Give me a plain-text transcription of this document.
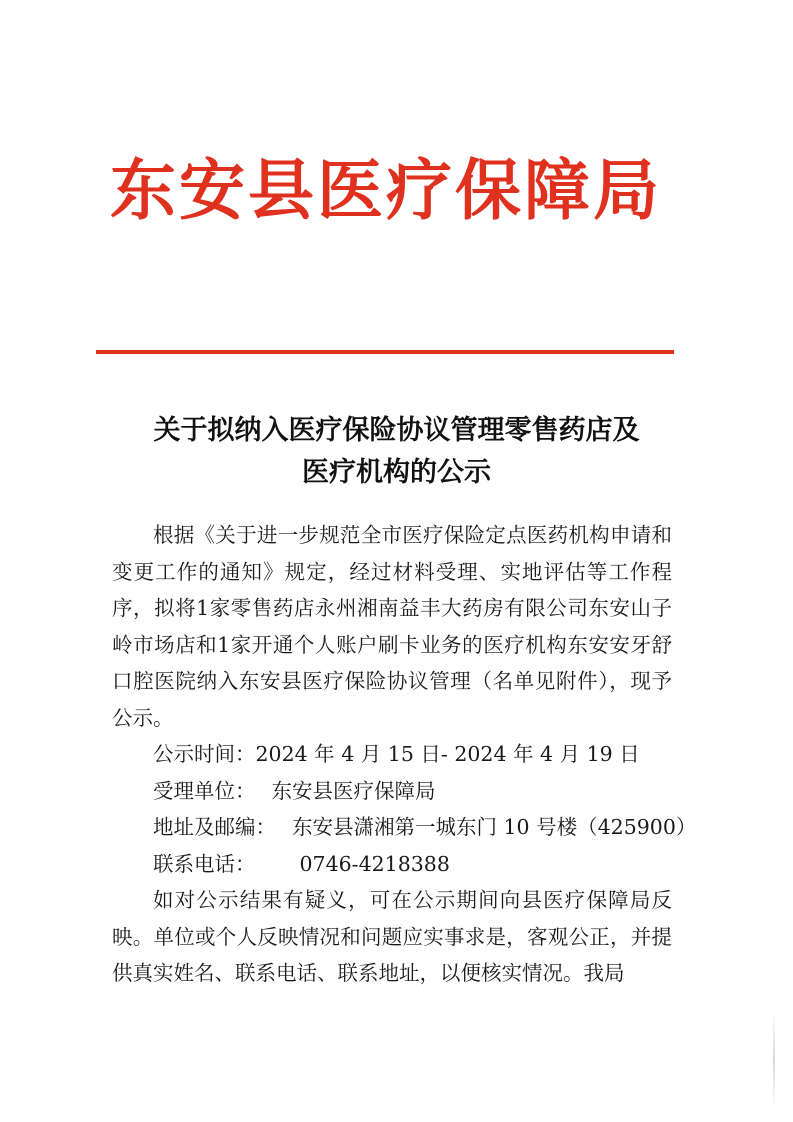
东安县医疗保障局
关于拟纳入医疗保险协议管理零售药店及
医疗机构的公示

根据《关于进一步规范全市医疗保险定点医药机构申请和变更工作的通知》规定，经过材料受理、实地评估等工作程序，拟将1家零售药店永州湘南益丰大药房有限公司东安山子岭市场店和1家开通个人账户刷卡业务的医疗机构东安安牙舒口腔医院纳入东安县医疗保险协议管理（名单见附件），现予公示。

公示时间：2024 年 4 月 15 日- 2024 年 4 月 19 日

受理单位： 东安县医疗保障局

地址及邮编： 东安县潇湘第一城东门 10 号楼（425900）

联系电话： 0746-4218388

如对公示结果有疑义，可在公示期间向县医疗保障局反映。单位或个人反映情况和问题应实事求是，客观公正，并提供真实姓名、联系电话、联系地址，以便核实情况。我局
